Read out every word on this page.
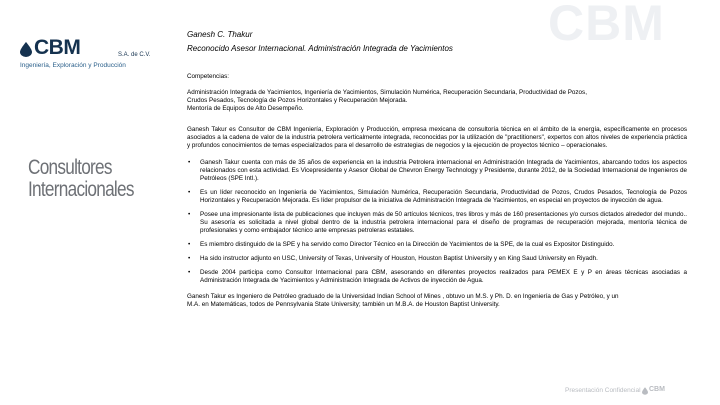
CBM
CBM	S.A. de C.V.
Ingeniería, Exploración y Producción
Consultores
Internacionales
Ganesh C. Thakur
Reconocido Asesor Internacional. Administración Integrada de Yacimientos

Competencias:

Administración Integrada de Yacimientos, Ingeniería de Yacimientos, Simulación Numérica, Recuperación Secundaria, Productividad de Pozos,
Crudos Pesados, Tecnología de Pozos Horizontales y Recuperación Mejorada.
Mentoría de Equipos de Alto Desempeño.

Ganesh Takur es Consultor de CBM Ingeniería, Exploración y Producción, empresa mexicana de consultoría técnica en el ámbito de la energía, específicamente en procesos asociados a la cadena de valor de la industria petrolera verticalmente integrada, reconocidas por la utilización de "practitioners", expertos con altos niveles de experiencia práctica y profundos conocimientos de temas especializados para el desarrollo de estrategias de negocios y la ejecución de proyectos técnico – operacionales.

• Ganesh Takur cuenta con más de 35 años de experiencia en la industria Petrolera internacional en Administración Integrada de Yacimientos, abarcando todos los aspectos relacionados con esta actividad. Es Vicepresidente y Asesor Global de Chevron Energy Technology y Presidente, durante 2012, de la Sociedad Internacional de Ingenieros de Petróleos (SPE Intl.).
• Es un líder reconocido en Ingeniería de Yacimientos, Simulación Numérica, Recuperación Secundaria, Productividad de Pozos, Crudos Pesados, Tecnología de Pozos Horizontales y Recuperación Mejorada. Es líder propulsor de la iniciativa de Administración Integrada de Yacimientos, en especial en proyectos de inyección de agua.
• Posee una impresionante lista de publicaciones que incluyen más de 50 artículos técnicos, tres libros y más de 160 presentaciones y/o cursos dictados alrededor del mundo.. Su asesoría es solicitada a nivel global dentro de la industria petrolera internacional para el diseño de programas de recuperación mejorada, mentoría técnica de profesionales y como embajador técnico ante empresas petroleras estatales.
• Es miembro distinguido de la SPE y ha servido como Director Técnico en la Dirección de Yacimientos de la SPE, de la cual es Expositor Distinguido.
• Ha sido instructor adjunto en USC, University of Texas, University of Houston, Houston Baptist University y en King Saud University en Riyadh.
• Desde 2004 participa como Consultor Internacional para CBM, asesorando en diferentes proyectos realizados para PEMEX E y P en áreas técnicas asociadas a Administración Integrada de Yacimientos y Administración Integrada de Activos de inyección de Agua.

Ganesh Takur es Ingeniero de Petróleo graduado de la Universidad Indian School of Mines , obtuvo un M.S. y Ph. D. en Ingeniería de Gas y Petróleo, y un
M.A. en Matemáticas, todos de Pennsylvania State University; también un M.B.A. de Houston Baptist University.

Presentación Confidencial CBM
